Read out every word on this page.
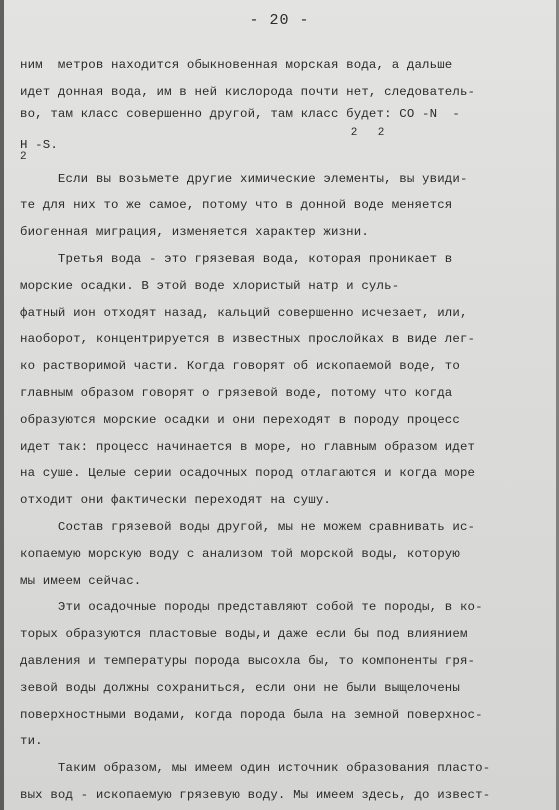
- 20 -
ним  метров находится обыкновенная морская вода, а дальше
идет донная вода, им в ней кислорода почти нет, следователь-
во, там класс совершенно другой, там класс будет: СО -N  -
2   2
Н -S.
2
Если вы возьмете другие химические элементы, вы увиди-
те для них то же самое, потому что в донной воде меняется
биогенная миграция, изменяется характер жизни.
Третья вода - это грязевая вода, которая проникает в
морские осадки. В этой воде хлористый натр и суль-
фатный ион отходят назад, кальций совершенно исчезает, или,
наоборот, концентрируется в известных прослойках в виде лег-
ко растворимой части. Когда говорят об ископаемой воде, то
главным образом говорят о грязевой воде, потому что когда
образуются морские осадки и они переходят в породу процесс
идет так: процесс начинается в море, но главным образом идет
на суше. Целые серии осадочных пород отлагаются и когда море
отходит они фактически переходят на сушу.
Состав грязевой воды другой, мы не можем сравнивать ис-
копаемую морскую воду с анализом той морской воды, которую
мы имеем сейчас.
Эти осадочные породы представляют собой те породы, в ко-
торых образуются пластовые воды,и даже если бы под влиянием
давления и температуры порода высохла бы, то компоненты гря-
зевой воды должны сохраниться, если они не были выщелочены
поверхностными водами, когда порода была на земной поверхнос-
ти.
Таким образом, мы имеем один источник образования пласто-
вых вод - ископаемую грязевую воду. Мы имеем здесь, до извест-
